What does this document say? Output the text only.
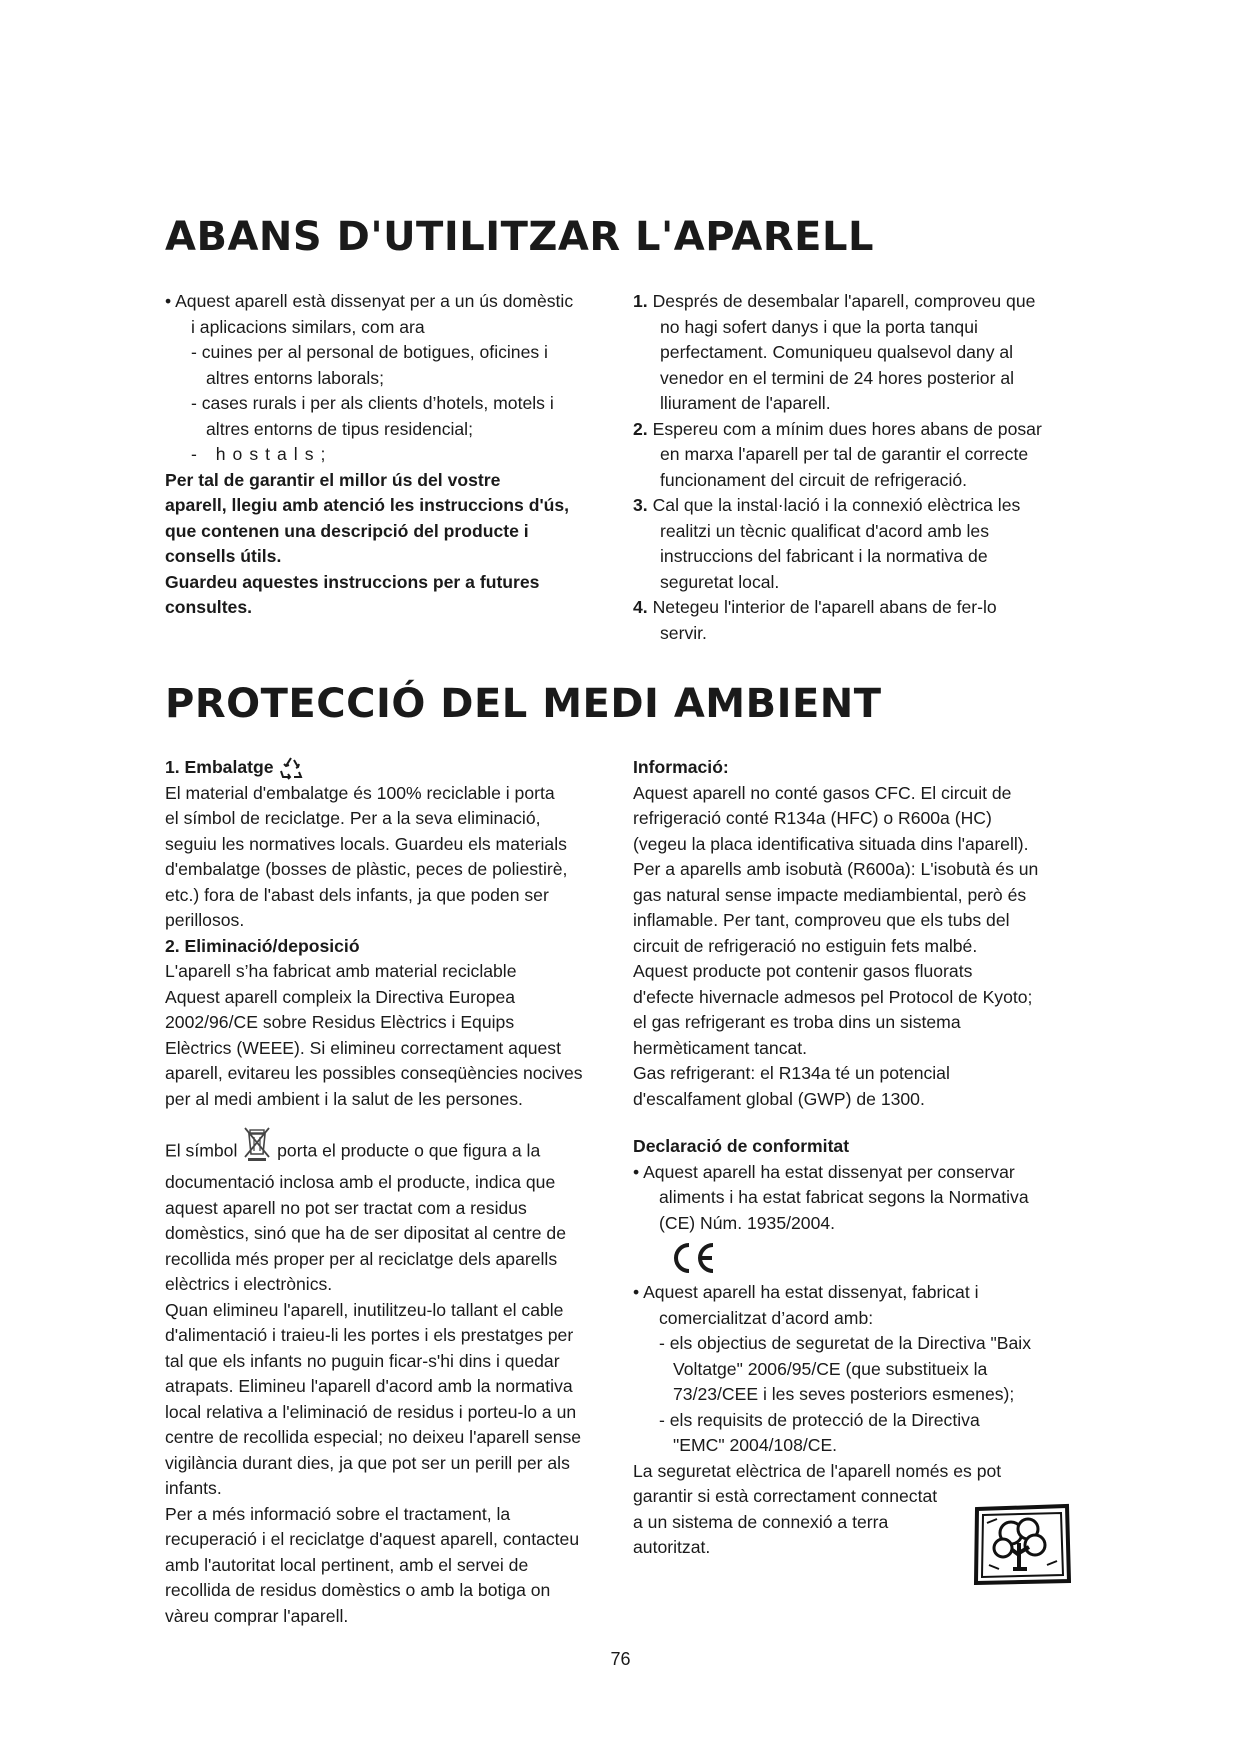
ABANS D'UTILITZAR L'APARELL

• Aquest aparell està dissenyat per a un ús domèstic

i aplicacions similars, com ara

- cuines per al personal de botigues, oficines i

altres entorns laborals;

- cases rurals i per als clients d’hotels, motels i

altres entorns de tipus residencial;

- hostals;

Per tal de garantir el millor ús del vostre

aparell, llegiu amb atenció les instruccions d'ús,

que contenen una descripció del producte i

consells útils.

Guardeu aquestes instruccions per a futures

consultes.

1. Després de desembalar l'aparell, comproveu que

no hagi sofert danys i que la porta tanqui

perfectament. Comuniqueu qualsevol dany al

venedor en el termini de 24 hores posterior al

lliurament de l'aparell.

2. Espereu com a mínim dues hores abans de posar

en marxa l'aparell per tal de garantir el correcte

funcionament del circuit de refrigeració.

3. Cal que la instal·lació i la connexió elèctrica les

realitzi un tècnic qualificat d'acord amb les

instruccions del fabricant i la normativa de

seguretat local.

4. Netegeu l'interior de l'aparell abans de fer-lo

servir.

PROTECCIÓ DEL MEDI AMBIENT

1. Embalatge

El material d'embalatge és 100% reciclable i porta

el símbol de reciclatge. Per a la seva eliminació,

seguiu les normatives locals. Guardeu els materials

d'embalatge (bosses de plàstic, peces de poliestirè,

etc.) fora de l'abast dels infants, ja que poden ser

perillosos.

2. Eliminació/deposició

L'aparell s’ha fabricat amb material reciclable

Aquest aparell compleix la Directiva Europea

2002/96/CE sobre Residus Elèctrics i Equips

Elèctrics (WEEE). Si elimineu correctament aquest

aparell, evitareu les possibles conseqüències nocives

per al medi ambient i la salut de les persones.

El símbol porta el producte o que figura a la

documentació inclosa amb el producte, indica que

aquest aparell no pot ser tractat com a residus

domèstics, sinó que ha de ser dipositat al centre de

recollida més proper per al reciclatge dels aparells

elèctrics i electrònics.

Quan elimineu l'aparell, inutilitzeu-lo tallant el cable

d'alimentació i traieu-li les portes i els prestatges per

tal que els infants no puguin ficar-s'hi dins i quedar

atrapats. Elimineu l'aparell d'acord amb la normativa

local relativa a l'eliminació de residus i porteu-lo a un

centre de recollida especial; no deixeu l'aparell sense

vigilància durant dies, ja que pot ser un perill per als

infants.

Per a més informació sobre el tractament, la

recuperació i el reciclatge d'aquest aparell, contacteu

amb l'autoritat local pertinent, amb el servei de

recollida de residus domèstics o amb la botiga on

vàreu comprar l'aparell.

Informació:

Aquest aparell no conté gasos CFC. El circuit de

refrigeració conté R134a (HFC) o R600a (HC)

(vegeu la placa identificativa situada dins l'aparell).

Per a aparells amb isobutà (R600a): L'isobutà és un

gas natural sense impacte mediambiental, però és

inflamable. Per tant, comproveu que els tubs del

circuit de refrigeració no estiguin fets malbé.

Aquest producte pot contenir gasos fluorats

d'efecte hivernacle admesos pel Protocol de Kyoto;

el gas refrigerant es troba dins un sistema

hermèticament tancat.

Gas refrigerant: el R134a té un potencial

d'escalfament global (GWP) de 1300.

Declaració de conformitat

• Aquest aparell ha estat dissenyat per conservar

aliments i ha estat fabricat segons la Normativa

(CE) Núm. 1935/2004.

• Aquest aparell ha estat dissenyat, fabricat i

comercialitzat d’acord amb:

- els objectius de seguretat de la Directiva "Baix

Voltatge" 2006/95/CE (que substitueix la

73/23/CEE i les seves posteriors esmenes);

- els requisits de protecció de la Directiva

"EMC" 2004/108/CE.

La seguretat elèctrica de l'aparell només es pot

garantir si està correctament connectat

a un sistema de connexió a terra

autoritzat.

76
